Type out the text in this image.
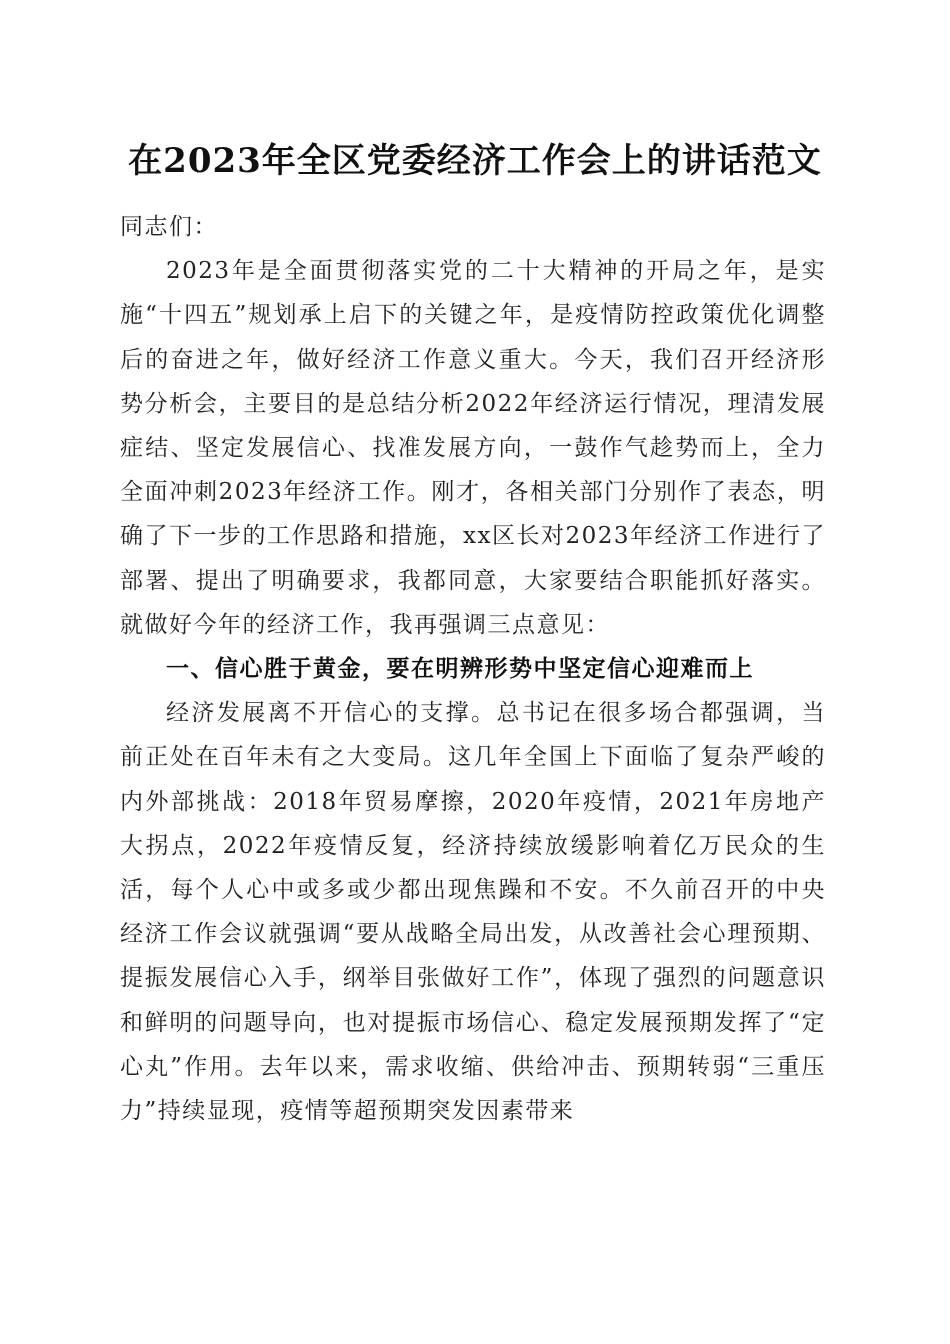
在2023年全区党委经济工作会上的讲话范文

同志们：

2023年是全面贯彻落实党的二十大精神的开局之年，是实施“十四五”规划承上启下的关键之年，是疫情防控政策优化调整后的奋进之年，做好经济工作意义重大。今天，我们召开经济形势分析会，主要目的是总结分析2022年经济运行情况，理清发展症结、坚定发展信心、找准发展方向，一鼓作气趁势而上，全力全面冲刺2023年经济工作。刚才，各相关部门分别作了表态，明确了下一步的工作思路和措施，xx区长对2023年经济工作进行了部署、提出了明确要求，我都同意，大家要结合职能抓好落实。就做好今年的经济工作，我再强调三点意见：

一、信心胜于黄金，要在明辨形势中坚定信心迎难而上

经济发展离不开信心的支撑。总书记在很多场合都强调，当前正处在百年未有之大变局。这几年全国上下面临了复杂严峻的内外部挑战：2018年贸易摩擦，2020年疫情，2021年房地产大拐点，2022年疫情反复，经济持续放缓影响着亿万民众的生活，每个人心中或多或少都出现焦躁和不安。不久前召开的中央经济工作会议就强调“要从战略全局出发，从改善社会心理预期、提振发展信心入手，纲举目张做好工作”，体现了强烈的问题意识和鲜明的问题导向，也对提振市场信心、稳定发展预期发挥了“定心丸”作用。去年以来，需求收缩、供给冲击、预期转弱“三重压力”持续显现，疫情等超预期突发因素带来
